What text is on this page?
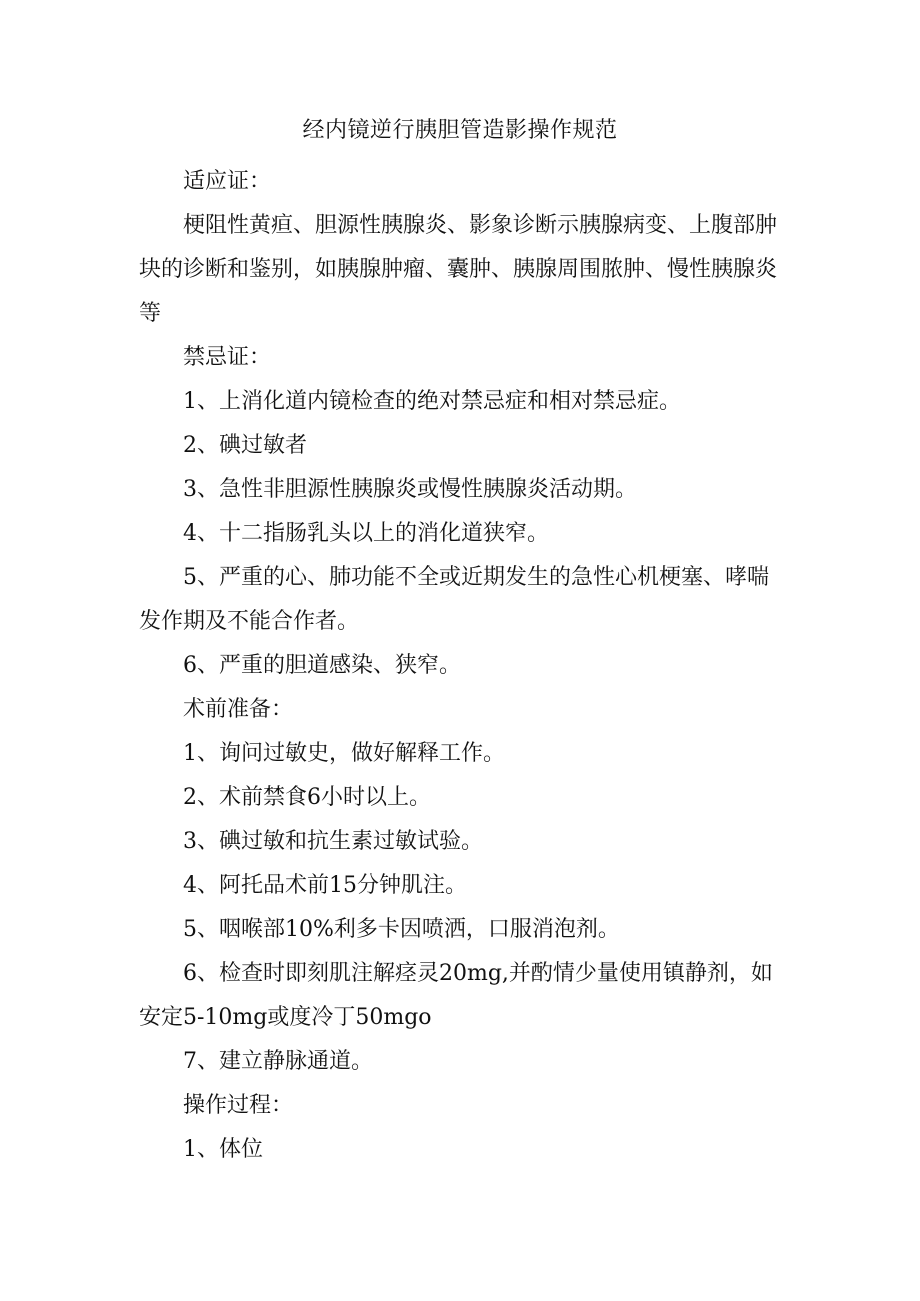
经内镜逆行胰胆管造影操作规范

适应证：

梗阻性黄疸、胆源性胰腺炎、影象诊断示胰腺病变、上腹部肿块的诊断和鉴别，如胰腺肿瘤、囊肿、胰腺周围脓肿、慢性胰腺炎等

禁忌证：

1、上消化道内镜检查的绝对禁忌症和相对禁忌症。

2、碘过敏者

3、急性非胆源性胰腺炎或慢性胰腺炎活动期。

4、十二指肠乳头以上的消化道狭窄。

5、严重的心、肺功能不全或近期发生的急性心机梗塞、哮喘发作期及不能合作者。

6、严重的胆道感染、狭窄。

术前准备：

1、询问过敏史，做好解释工作。

2、术前禁食6小时以上。

3、碘过敏和抗生素过敏试验。

4、阿托品术前15分钟肌注。

5、咽喉部10%利多卡因喷洒，口服消泡剂。

6、检查时即刻肌注解痉灵20mg,并酌情少量使用镇静剂，如安定5-10mg或度冷丁50mgo

7、建立静脉通道。

操作过程：

1、体位
